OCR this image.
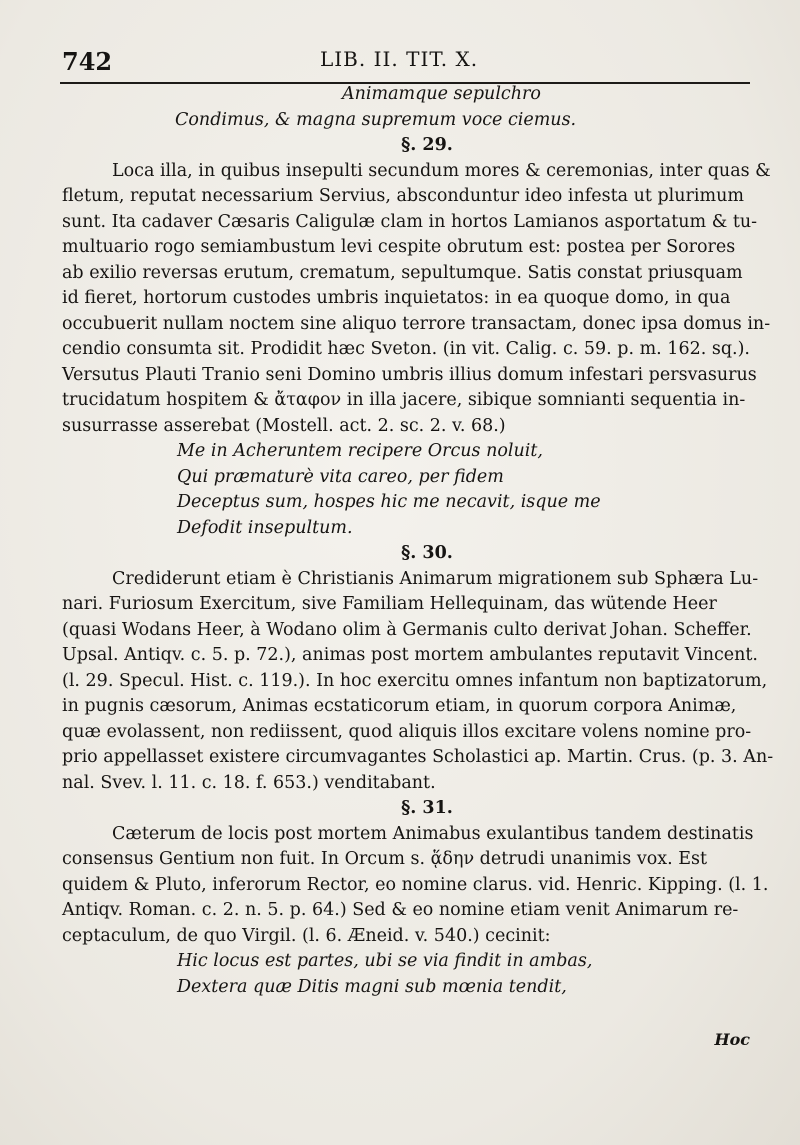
742	LIB. II. TIT. X.
Animamque sepulchro
Condimus, & magna supremum voce ciemus.
§. 29.
Loca illa, in quibus insepulti secundum mores & ceremonias, inter quas &
fletum, reputat necessarium Servius, absconduntur ideo infesta ut plurimum
sunt. Ita cadaver Cæsaris Caligulæ clam in hortos Lamianos asportatum & tu-
multuario rogo semiambustum levi cespite obrutum est: postea per Sorores
ab exilio reversas erutum, crematum, sepultumque. Satis constat priusquam
id fieret, hortorum custodes umbris inquietatos: in ea quoque domo, in qua
occubuerit nullam noctem sine aliquo terrore transactam, donec ipsa domus in-
cendio consumta sit. Prodidit hæc Sveton. (in vit. Calig. c. 59. p. m. 162. sq.).
Versutus Plauti Tranio seni Domino umbris illius domum infestari persvasurus
trucidatum hospitem & ἄταφον in illa jacere, sibique somnianti sequentia in-
susurrasse asserebat (Mostell. act. 2. sc. 2. v. 68.)
Me in Acheruntem recipere Orcus noluit,
Qui præmaturè vita careo, per fidem
Deceptus sum, hospes hic me necavit, isque me
Defodit insepultum.
§. 30.
Crediderunt etiam è Christianis Animarum migrationem sub Sphæra Lu-
nari. Furiosum Exercitum, sive Familiam Hellequinam, das wütende Heer
(quasi Wodans Heer, à Wodano olim à Germanis culto derivat Johan. Scheffer.
Upsal. Antiqv. c. 5. p. 72.), animas post mortem ambulantes reputavit Vincent.
(l. 29. Specul. Hist. c. 119.). In hoc exercitu omnes infantum non baptizatorum,
in pugnis cæsorum, Animas ecstaticorum etiam, in quorum corpora Animæ,
quæ evolassent, non rediissent, quod aliquis illos excitare volens nomine pro-
prio appellasset existere circumvagantes Scholastici ap. Martin. Crus. (p. 3. An-
nal. Svev. l. 11. c. 18. f. 653.) venditabant.
§. 31.
Cæterum de locis post mortem Animabus exulantibus tandem destinatis
consensus Gentium non fuit. In Orcum s. ᾅδην detrudi unanimis vox. Est
quidem & Pluto, inferorum Rector, eo nomine clarus. vid. Henric. Kipping. (l. 1.
Antiqv. Roman. c. 2. n. 5. p. 64.) Sed & eo nomine etiam venit Animarum re-
ceptaculum, de quo Virgil. (l. 6. Æneid. v. 540.) cecinit:
Hic locus est partes, ubi se via findit in ambas,
Dextera quæ Ditis magni sub mœnia tendit,
Hoc
